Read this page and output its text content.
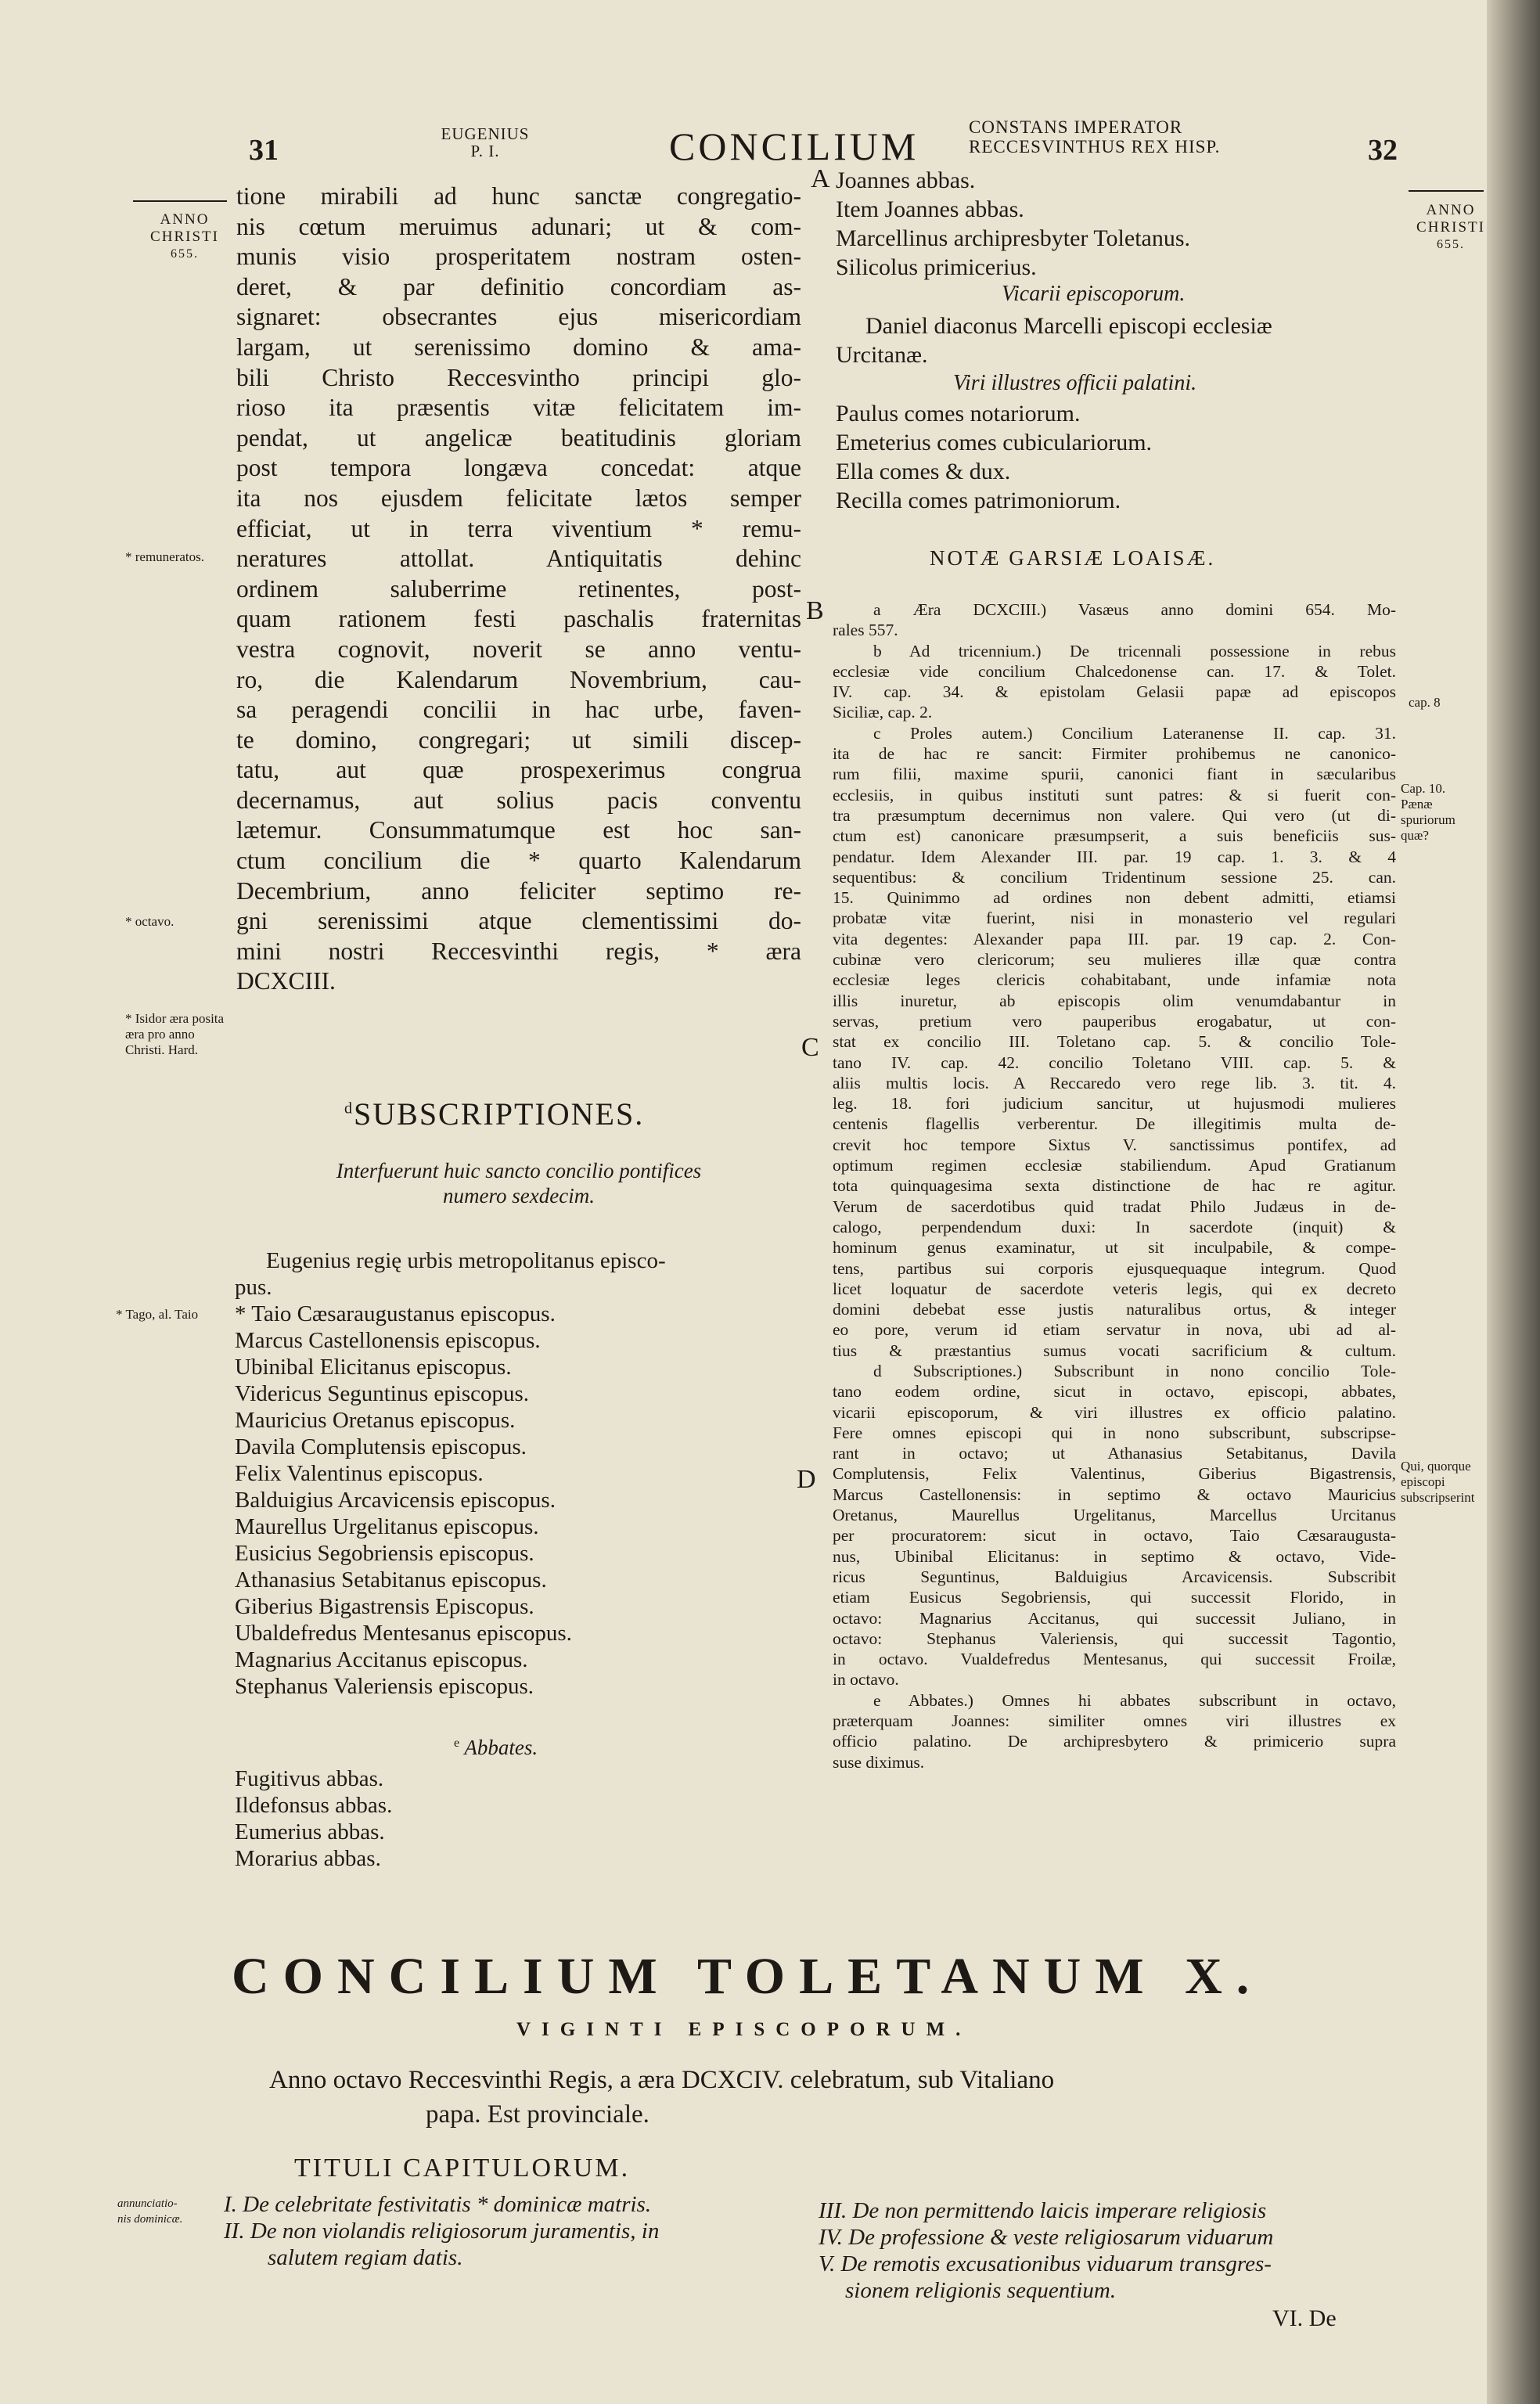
31	EUGENIUS
P. I.	CONCILIUM	CONSTANS IMPERATOR
RECCESVINTHUS REX HISP.	32
ANNO
CHRISTI
655.
ANNO
CHRISTI
655.
tione mirabili ad hunc sanctæ congregatio-
nis cœtum meruimus adunari; ut & com-
munis visio prosperitatem nostram osten-
deret, & par definitio concordiam as-
signaret: obsecrantes ejus misericordiam
largam, ut serenissimo domino & ama-
bili Christo Reccesvintho principi glo-
rioso ita præsentis vitæ felicitatem im-
pendat, ut angelicæ beatitudinis gloriam
post tempora longæva concedat: atque
ita nos ejusdem felicitate lætos semper
efficiat, ut in terra viventium * remu-
neratures attollat. Antiquitatis dehinc
ordinem saluberrime retinentes, post-
quam rationem festi paschalis fraternitas
vestra cognovit, noverit se anno ventu-
ro, die Kalendarum Novembrium, cau-
sa peragendi concilii in hac urbe, faven-
te domino, congregari; ut simili discep-
tatu, aut quæ prospexerimus congrua
decernamus, aut solius pacis conventu
lætemur. Consummatumque est hoc san-
ctum concilium die * quarto Kalendarum
Decembrium, anno feliciter septimo re-
gni serenissimi atque clementissimi do-
mini nostri Reccesvinthi regis, * æra
DCXCIII.
* remuneratos.
* octavo.
* Isidor æra posita æra pro anno Christi. Hard.
$^d$SUBSCRIPTIONES.
Interfuerunt huic sancto concilio pontifices
numero sexdecim.
Eugenius regię urbis metropolitanus episco-
pus.
* Taio Cæsaraugustanus episcopus.
Marcus Castellonensis episcopus.
Ubinibal Elicitanus episcopus.
Videricus Seguntinus episcopus.
Mauricius Oretanus episcopus.
Davila Complutensis episcopus.
Felix Valentinus episcopus.
Balduigius Arcavicensis episcopus.
Maurellus Urgelitanus episcopus.
Eusicius Segobriensis episcopus.
Athanasius Setabitanus episcopus.
Giberius Bigastrensis Episcopus.
Ubaldefredus Mentesanus episcopus.
Magnarius Accitanus episcopus.
Stephanus Valeriensis episcopus.
* Tago, al. Taio
$^e$ Abbates.
Fugitivus abbas.
Ildefonsus abbas.
Eumerius abbas.
Morarius abbas.
A Joannes abbas.
Item Joannes abbas.
Marcellinus archipresbyter Toletanus.
Silicolus primicerius.
Vicarii episcoporum.
Daniel diaconus Marcelli episcopi ecclesiæ
Urcitanæ.
Viri illustres officii palatini.
Paulus comes notariorum.
Emeterius comes cubiculariorum.
Ella comes & dux.
Recilla comes patrimoniorum.
NOTÆ GARSIÆ LOAISÆ.
B
C
D
a Æra DCXCIII.) Vasæus anno domini 654. Mo-
rales 557.
b Ad tricennium.) De tricennali possessione in rebus
ecclesiæ vide concilium Chalcedonense can. 17. & Tolet.
IV. cap. 34. & epistolam Gelasii papæ ad episcopos
Siciliæ, cap. 2.
c Proles autem.) Concilium Lateranense II. cap. 31.
ita de hac re sancit: Firmiter prohibemus ne canonico-
rum filii, maxime spurii, canonici fiant in sæcularibus
ecclesiis, in quibus instituti sunt patres: & si fuerit con-
tra præsumptum decernimus non valere. Qui vero (ut di-
ctum est) canonicare præsumpserit, a suis beneficiis sus-
pendatur. Idem Alexander III. par. 19 cap. 1. 3. & 4
sequentibus: & concilium Tridentinum sessione 25. can.
15. Quinimmo ad ordines non debent admitti, etiamsi
probatæ vitæ fuerint, nisi in monasterio vel regulari
vita degentes: Alexander papa III. par. 19 cap. 2. Con-
cubinæ vero clericorum; seu mulieres illæ quæ contra
ecclesiæ leges clericis cohabitabant, unde infamiæ nota
illis inuretur, ab episcopis olim venumdabantur in
servas, pretium vero pauperibus erogabatur, ut con-
stat ex concilio III. Toletano cap. 5. & concilio Tole-
tano IV. cap. 42. concilio Toletano VIII. cap. 5. &
aliis multis locis. A Reccaredo vero rege lib. 3. tit. 4.
leg. 18. fori judicium sancitur, ut hujusmodi mulieres
centenis flagellis verberentur. De illegitimis multa de-
crevit hoc tempore Sixtus V. sanctissimus pontifex, ad
optimum regimen ecclesiæ stabiliendum. Apud Gratianum
tota quinquagesima sexta distinctione de hac re agitur.
Verum de sacerdotibus quid tradat Philo Judæus in de-
calogo, perpendendum duxi: In sacerdote (inquit) &
hominum genus examinatur, ut sit inculpabile, & compe-
tens, partibus sui corporis ejusquequaque integrum. Quod
licet loquatur de sacerdote veteris legis, qui ex decreto
domini debebat esse justis naturalibus ortus, & integer
eo pore, verum id etiam servatur in nova, ubi ad al-
tius & præstantius sumus vocati sacrificium & cultum.
d Subscriptiones.) Subscribunt in nono concilio Tole-
tano eodem ordine, sicut in octavo, episcopi, abbates,
vicarii episcoporum, & viri illustres ex officio palatino.
Fere omnes episcopi qui in nono subscribunt, subscripse-
rant in octavo; ut Athanasius Setabitanus, Davila
Complutensis, Felix Valentinus, Giberius Bigastrensis,
Marcus Castellonensis: in septimo & octavo Mauricius
Oretanus, Maurellus Urgelitanus, Marcellus Urcitanus
per procuratorem: sicut in octavo, Taio Cæsaraugusta-
nus, Ubinibal Elicitanus: in septimo & octavo, Vide-
ricus Seguntinus, Balduigius Arcavicensis. Subscribit
etiam Eusicus Segobriensis, qui successit Florido, in
octavo: Magnarius Accitanus, qui successit Juliano, in
octavo: Stephanus Valeriensis, qui successit Tagontio,
in octavo. Vualdefredus Mentesanus, qui successit Froilæ,
in octavo.
e Abbates.) Omnes hi abbates subscribunt in octavo,
præterquam Joannes: similiter omnes viri illustres ex
officio palatino. De archipresbytero & primicerio supra
suse diximus.
cap. 8
Cap. 10. Pænæ spuriorum quæ?
Qui, quorque episcopi subscripserint
CONCILIUM TOLETANUM X.
VIGINTI EPISCOPORUM.
Anno octavo Reccesvinthi Regis, a æra DCXCIV. celebratum, sub Vitaliano
papa. Est provinciale.
TITULI CAPITULORUM.
I. De celebritate festivitatis * dominicæ matris.
II. De non violandis religiosorum juramentis, in
salutem regiam datis.
annunciatio-
nis dominicæ.	III. De non permittendo laicis imperare religiosis
IV. De professione & veste religiosarum viduarum
V. De remotis excusationibus viduarum transgres-
sionem religionis sequentium.
VI. De
